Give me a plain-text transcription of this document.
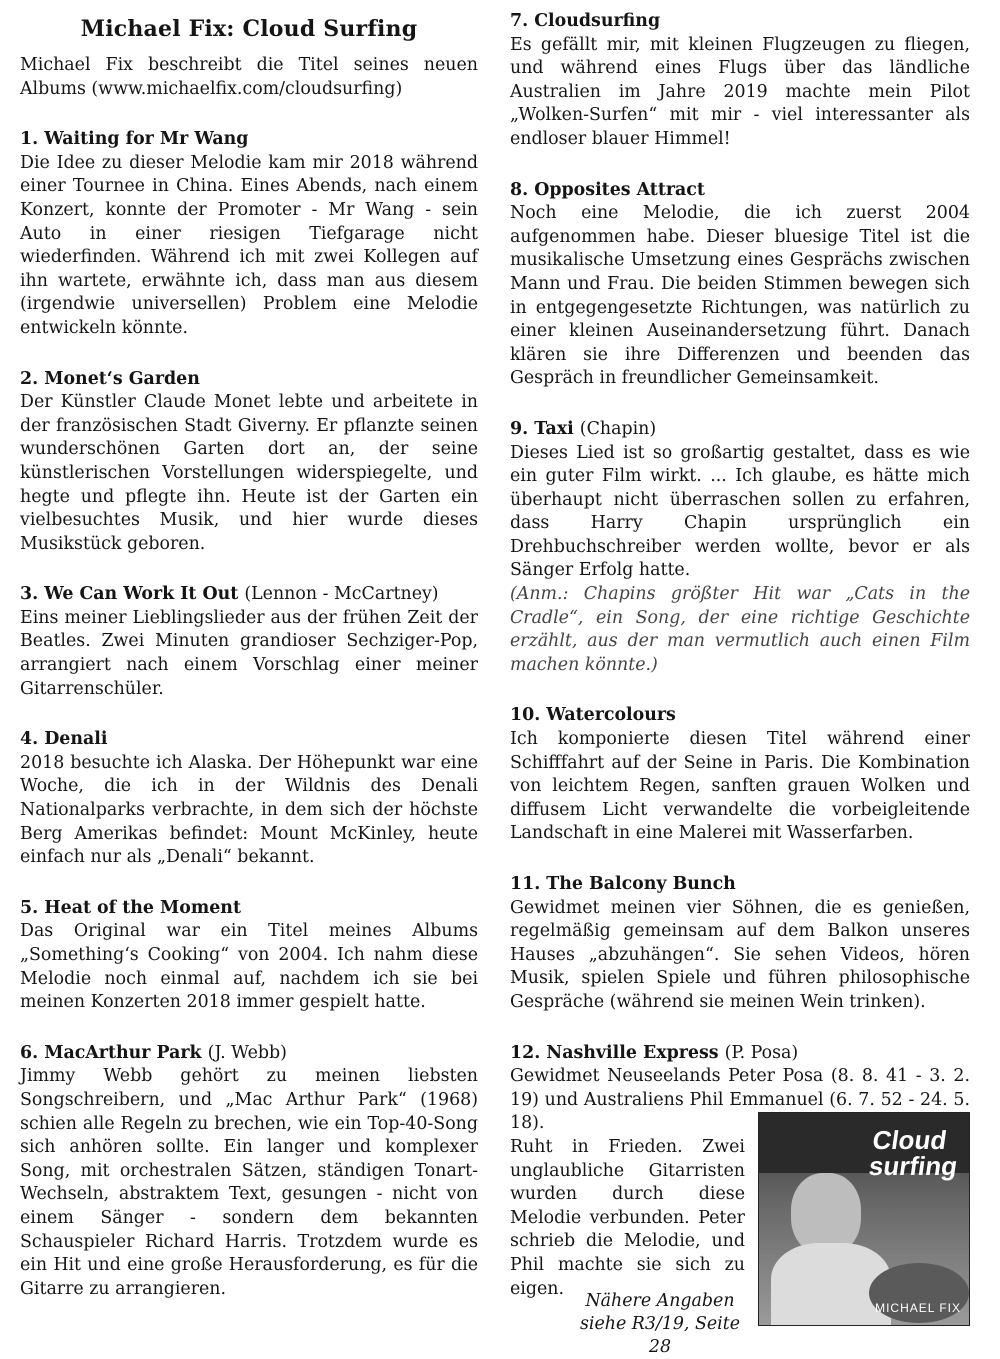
Michael Fix: Cloud Surfing

Michael Fix beschreibt die Titel seines neuen Albums (www.michaelfix.com/cloudsurfing)

1. Waiting for Mr Wang

Die Idee zu dieser Melodie kam mir 2018 während einer Tournee in China. Eines Abends, nach einem Konzert, konnte der Promoter - Mr Wang - sein Auto in einer riesigen Tiefgarage nicht wiederfinden. Während ich mit zwei Kollegen auf ihn wartete, erwähnte ich, dass man aus diesem (irgendwie universellen) Problem eine Melodie entwickeln könnte.

2. Monet‘s Garden

Der Künstler Claude Monet lebte und arbeitete in der französischen Stadt Giverny. Er pflanzte seinen wunderschönen Garten dort an, der seine künstlerischen Vorstellungen widerspiegelte, und hegte und pflegte ihn. Heute ist der Garten ein vielbesuchtes Musik, und hier wurde dieses Musikstück geboren.

3. We Can Work It Out (Lennon - McCartney)

Eins meiner Lieblingslieder aus der frühen Zeit der Beatles. Zwei Minuten grandioser Sechziger-Pop, arrangiert nach einem Vorschlag einer meiner Gitarrenschüler.

4. Denali

2018 besuchte ich Alaska. Der Höhepunkt war eine Woche, die ich in der Wildnis des Denali Nationalparks verbrachte, in dem sich der höchste Berg Amerikas befindet: Mount McKinley, heute einfach nur als „Denali“ bekannt.

5. Heat of the Moment

Das Original war ein Titel meines Albums „Something‘s Cooking“ von 2004. Ich nahm diese Melodie noch einmal auf, nachdem ich sie bei meinen Konzerten 2018 immer gespielt hatte.

6. MacArthur Park (J. Webb)

Jimmy Webb gehört zu meinen liebsten Songschreibern, und „Mac Arthur Park“ (1968) schien alle Regeln zu brechen, wie ein Top-40-Song sich anhören sollte. Ein langer und komplexer Song, mit orchestralen Sätzen, ständigen Tonart-Wechseln, abstraktem Text, gesungen - nicht von einem Sänger - sondern dem bekannten Schauspieler Richard Harris. Trotzdem wurde es ein Hit und eine große Herausforderung, es für die Gitarre zu arrangieren.

7. Cloudsurfing

Es gefällt mir, mit kleinen Flugzeugen zu fliegen, und während eines Flugs über das ländliche Australien im Jahre 2019 machte mein Pilot „Wolken-Surfen“ mit mir - viel interessanter als endloser blauer Himmel!

8. Opposites Attract

Noch eine Melodie, die ich zuerst 2004 aufgenommen habe. Dieser bluesige Titel ist die musikalische Umsetzung eines Gesprächs zwischen Mann und Frau. Die beiden Stimmen bewegen sich in entgegengesetzte Richtungen, was natürlich zu einer kleinen Auseinandersetzung führt. Danach klären sie ihre Differenzen und beenden das Gespräch in freundlicher Gemeinsamkeit.

9. Taxi (Chapin)

Dieses Lied ist so großartig gestaltet, dass es wie ein guter Film wirkt. ... Ich glaube, es hätte mich überhaupt nicht überraschen sollen zu erfahren, dass Harry Chapin ursprünglich ein Drehbuchschreiber werden wollte, bevor er als Sänger Erfolg hatte.

(Anm.: Chapins größter Hit war „Cats in the Cradle“, ein Song, der eine richtige Geschichte erzählt, aus der man vermutlich auch einen Film machen könnte.)

10. Watercolours

Ich komponierte diesen Titel während einer Schifffahrt auf der Seine in Paris. Die Kombination von leichtem Regen, sanften grauen Wolken und diffusem Licht verwandelte die vorbeigleitende Landschaft in eine Malerei mit Wasserfarben.

11. The Balcony Bunch

Gewidmet meinen vier Söhnen, die es genießen, regelmäßig gemeinsam auf dem Balkon unseres Hauses „abzuhängen“. Sie sehen Videos, hören Musik, spielen Spiele und führen philosophische Gespräche (während sie meinen Wein trinken).

12. Nashville Express (P. Posa)

Gewidmet Neuseelands Peter Posa (8. 8. 41 - 3. 2. 19) und Australiens Phil Emmanuel (6. 7. 52 - 24. 5. 18).

Ruht in Frieden. Zwei unglaubliche Gitarristen wurden durch diese Melodie verbunden. Peter schrieb die Melodie, und Phil machte sie sich zu eigen.

Cloud
surfing
MICHAEL FIX
Nähere Angaben siehe R3/19, Seite 28
